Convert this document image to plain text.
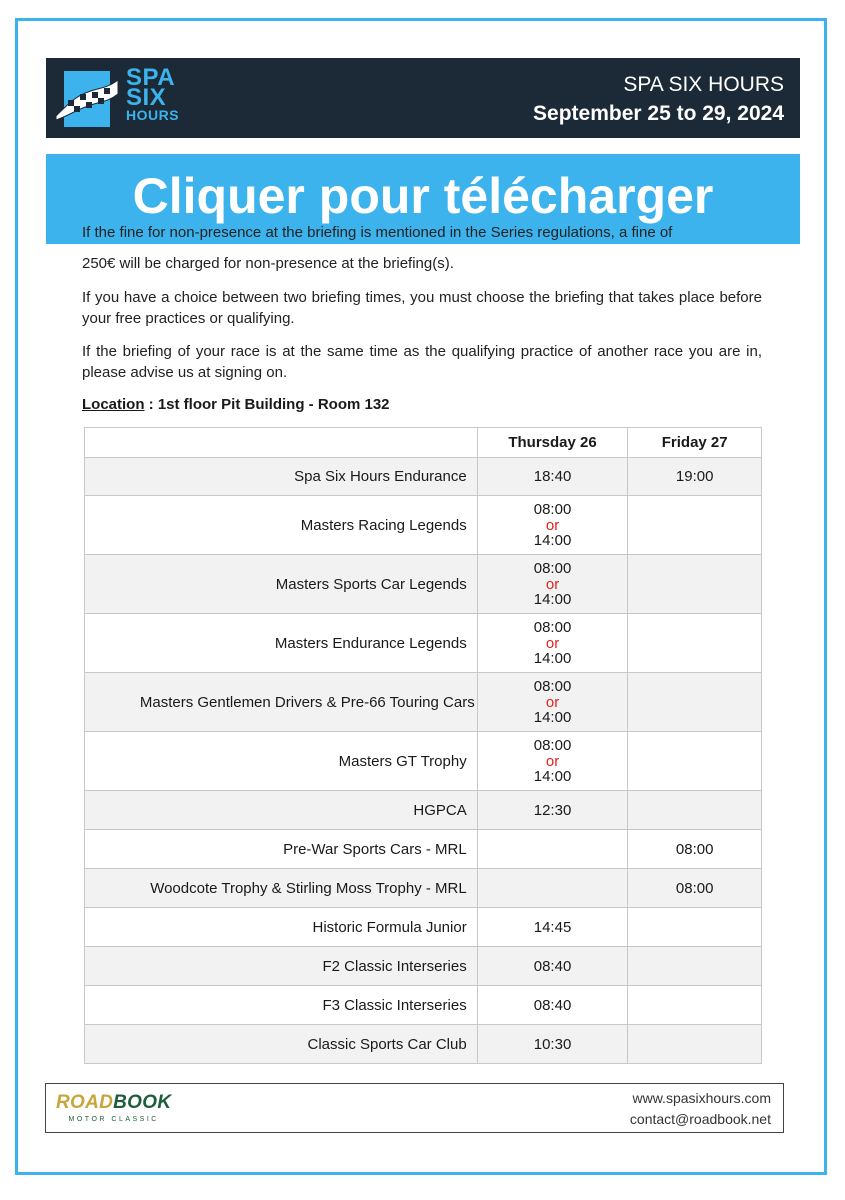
SPA
SIX
HOURS
SPA SIX HOURS
September 25 to 29, 2024
Cliquer pour télécharger
If the fine for non-presence at the briefing is mentioned in the Series regulations, a fine of

250€ will be charged for non-presence at the briefing(s).

If you have a choice between two briefing times, you must choose the briefing that takes place before your free practices or qualifying.

If the briefing of your race is at the same time as the qualifying practice of another race you are in, please advise us at signing on.

Location : 1st floor Pit Building - Room 132
	Thursday 26	Friday 27
Spa Six Hours Endurance	18:40	19:00
Masters Racing Legends	08:00
or
14:00	

Masters Sports Car Legends	08:00
or
14:00	

Masters Endurance Legends	08:00
or
14:00	

Masters Gentlemen Drivers & Pre-66 Touring Cars	08:00
or
14:00	

Masters GT Trophy	08:00
or
14:00	

HGPCA	12:30	
Pre-War Sports Cars - MRL		08:00
Woodcote Trophy & Stirling Moss Trophy - MRL		08:00
Historic Formula Junior	14:45	
F2 Classic Interseries	08:40	
F3 Classic Interseries	08:40	
Classic Sports Car Club	10:30	
ROADBOOK
MOTOR CLASSIC
www.spasixhours.com
contact@roadbook.net
